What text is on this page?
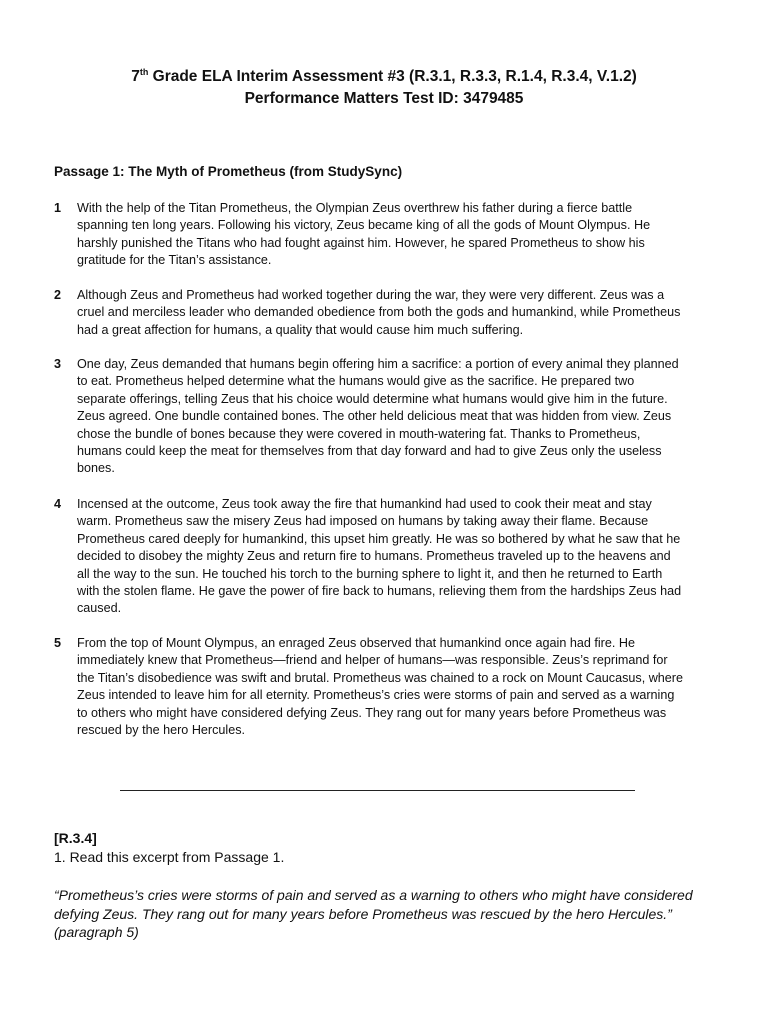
7th Grade ELA Interim Assessment #3 (R.3.1, R.3.3, R.1.4, R.3.4, V.1.2)
Performance Matters Test ID: 3479485
Passage 1: The Myth of Prometheus (from StudySync)
1 With the help of the Titan Prometheus, the Olympian Zeus overthrew his father during a fierce battle spanning ten long years. Following his victory, Zeus became king of all the gods of Mount Olympus. He harshly punished the Titans who had fought against him. However, he spared Prometheus to show his gratitude for the Titan’s assistance.
2 Although Zeus and Prometheus had worked together during the war, they were very different. Zeus was a cruel and merciless leader who demanded obedience from both the gods and humankind, while Prometheus had a great affection for humans, a quality that would cause him much suffering.
3 One day, Zeus demanded that humans begin offering him a sacrifice: a portion of every animal they planned to eat. Prometheus helped determine what the humans would give as the sacrifice. He prepared two separate offerings, telling Zeus that his choice would determine what humans would give him in the future. Zeus agreed. One bundle contained bones. The other held delicious meat that was hidden from view. Zeus chose the bundle of bones because they were covered in mouth-watering fat. Thanks to Prometheus, humans could keep the meat for themselves from that day forward and had to give Zeus only the useless bones.
4 Incensed at the outcome, Zeus took away the fire that humankind had used to cook their meat and stay warm. Prometheus saw the misery Zeus had imposed on humans by taking away their flame. Because Prometheus cared deeply for humankind, this upset him greatly. He was so bothered by what he saw that he decided to disobey the mighty Zeus and return fire to humans. Prometheus traveled up to the heavens and all the way to the sun. He touched his torch to the burning sphere to light it, and then he returned to Earth with the stolen flame. He gave the power of fire back to humans, relieving them from the hardships Zeus had caused.
5 From the top of Mount Olympus, an enraged Zeus observed that humankind once again had fire. He immediately knew that Prometheus—friend and helper of humans—was responsible. Zeus’s reprimand for the Titan’s disobedience was swift and brutal. Prometheus was chained to a rock on Mount Caucasus, where Zeus intended to leave him for all eternity. Prometheus’s cries were storms of pain and served as a warning to others who might have considered defying Zeus. They rang out for many years before Prometheus was rescued by the hero Hercules.
[R.3.4]
1. Read this excerpt from Passage 1.
“Prometheus’s cries were storms of pain and served as a warning to others who might have considered defying Zeus. They rang out for many years before Prometheus was rescued by the hero Hercules.” (paragraph 5)
